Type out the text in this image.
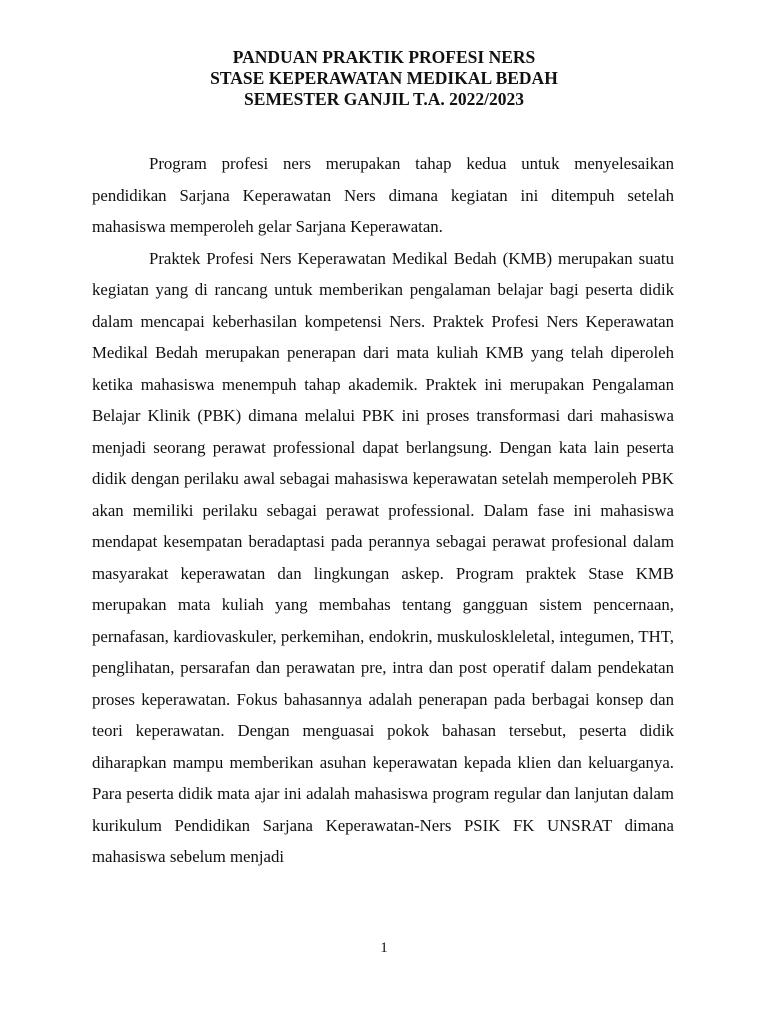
PANDUAN PRAKTIK PROFESI NERS
STASE KEPERAWATAN MEDIKAL BEDAH
SEMESTER GANJIL T.A. 2022/2023

Program profesi ners merupakan tahap kedua untuk menyelesaikan pendidikan Sarjana Keperawatan Ners dimana kegiatan ini ditempuh setelah mahasiswa memperoleh gelar Sarjana Keperawatan.

Praktek Profesi Ners Keperawatan Medikal Bedah (KMB) merupakan suatu kegiatan yang di rancang untuk memberikan pengalaman belajar bagi peserta didik dalam mencapai keberhasilan kompetensi Ners. Praktek Profesi Ners Keperawatan Medikal Bedah merupakan penerapan dari mata kuliah KMB yang telah diperoleh ketika mahasiswa menempuh tahap akademik. Praktek ini merupakan Pengalaman Belajar Klinik (PBK) dimana melalui PBK ini proses transformasi dari mahasiswa menjadi seorang perawat professional dapat berlangsung. Dengan kata lain peserta didik dengan perilaku awal sebagai mahasiswa keperawatan setelah memperoleh PBK akan memiliki perilaku sebagai perawat professional. Dalam fase ini mahasiswa mendapat kesempatan beradaptasi pada perannya sebagai perawat profesional dalam masyarakat keperawatan dan lingkungan askep. Program praktek Stase KMB merupakan mata kuliah yang membahas tentang gangguan sistem pencernaan, pernafasan, kardiovaskuler, perkemihan, endokrin, muskuloskleletal, integumen, THT, penglihatan, persarafan dan perawatan pre, intra dan post operatif dalam pendekatan proses keperawatan. Fokus bahasannya adalah penerapan pada berbagai konsep dan teori keperawatan. Dengan menguasai pokok bahasan tersebut, peserta didik diharapkan mampu memberikan asuhan keperawatan kepada klien dan keluarganya. Para peserta didik mata ajar ini adalah mahasiswa program regular dan lanjutan dalam kurikulum Pendidikan Sarjana Keperawatan-Ners PSIK FK UNSRAT dimana mahasiswa sebelum menjadi

1
